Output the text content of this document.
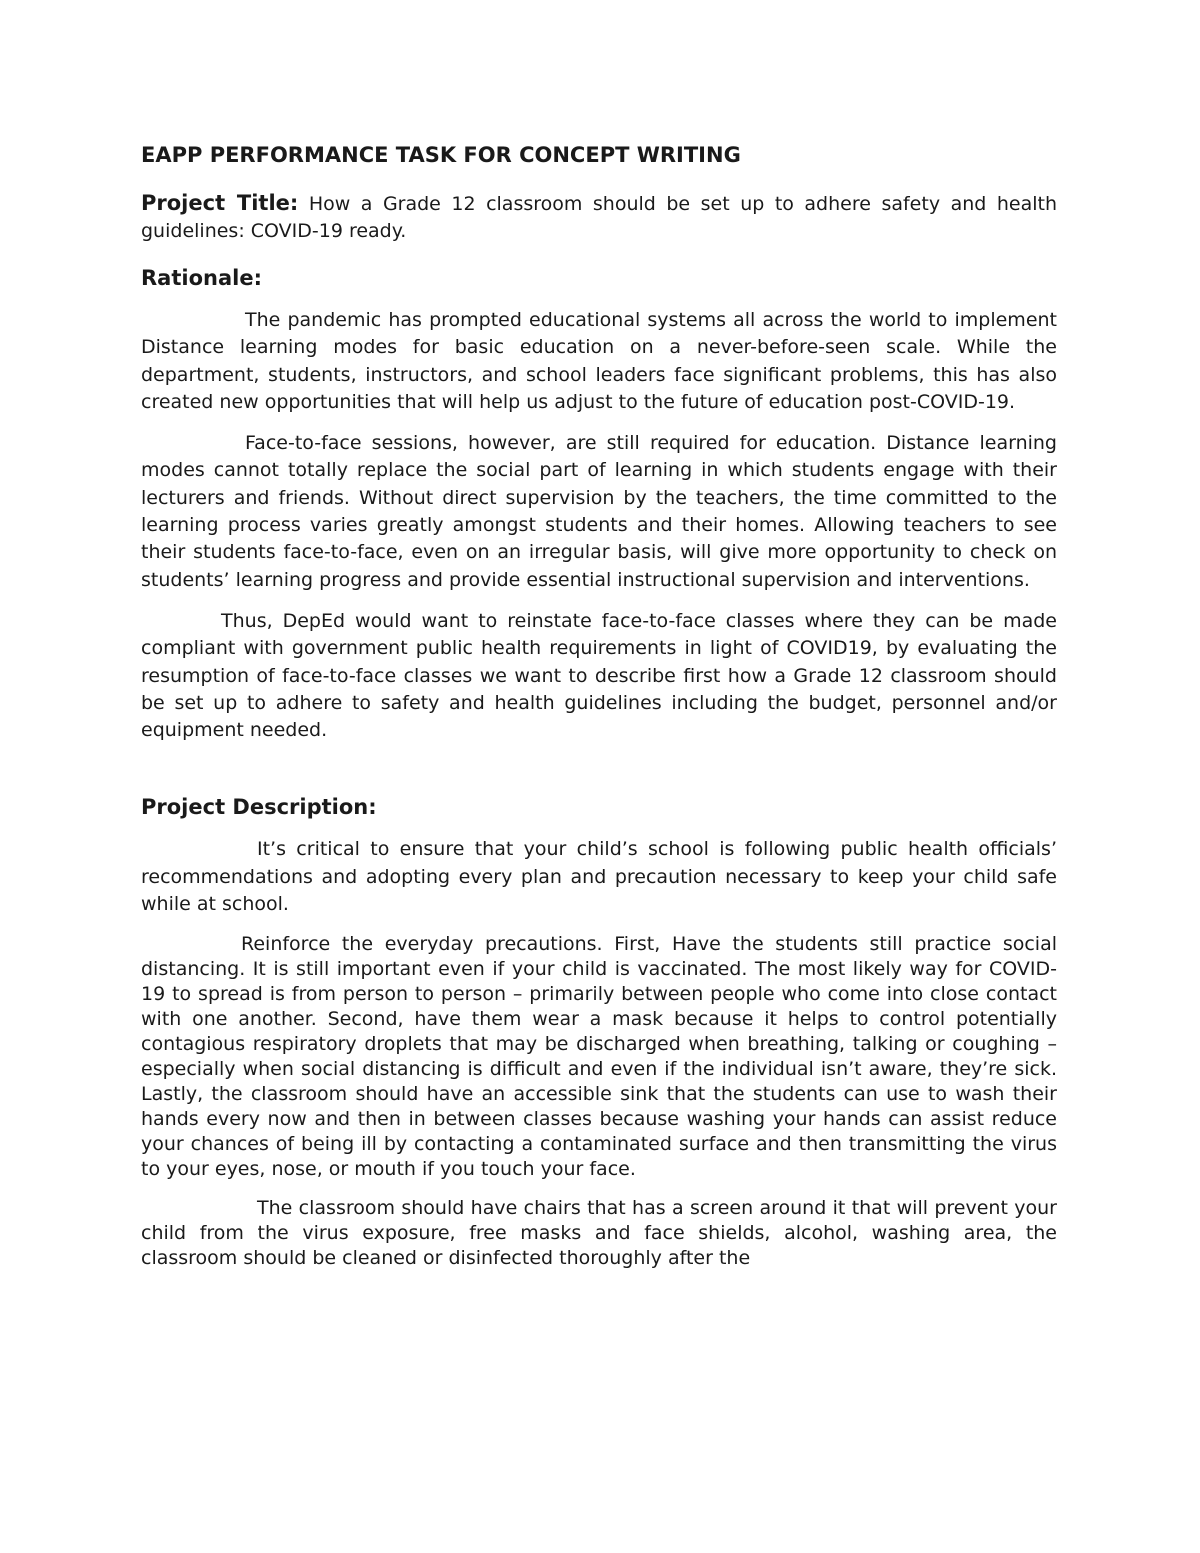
EAPP PERFORMANCE TASK FOR CONCEPT WRITING

Project Title: How a Grade 12 classroom should be set up to adhere safety and health guidelines: COVID-19 ready.

Rationale:

The pandemic has prompted educational systems all across the world to implement Distance learning modes for basic education on a never-before-seen scale. While the department, students, instructors, and school leaders face significant problems, this has also created new opportunities that will help us adjust to the future of education post-COVID-19.

Face-to-face sessions, however, are still required for education. Distance learning modes cannot totally replace the social part of learning in which students engage with their lecturers and friends. Without direct supervision by the teachers, the time committed to the learning process varies greatly amongst students and their homes. Allowing teachers to see their students face-to-face, even on an irregular basis, will give more opportunity to check on students’ learning progress and provide essential instructional supervision and interventions.

Thus, DepEd would want to reinstate face-to-face classes where they can be made compliant with government public health requirements in light of COVID19, by evaluating the resumption of face-to-face classes we want to describe first how a Grade 12 classroom should be set up to adhere to safety and health guidelines including the budget, personnel and/or equipment needed.

Project Description:

It’s critical to ensure that your child’s school is following public health officials’ recommendations and adopting every plan and precaution necessary to keep your child safe while at school.

Reinforce the everyday precautions. First, Have the students still practice social distancing. It is still important even if your child is vaccinated. The most likely way for COVID-19 to spread is from person to person – primarily between people who come into close contact with one another. Second, have them wear a mask because it helps to control potentially contagious respiratory droplets that may be discharged when breathing, talking or coughing – especially when social distancing is difficult and even if the individual isn’t aware, they’re sick. Lastly, the classroom should have an accessible sink that the students can use to wash their hands every now and then in between classes because washing your hands can assist reduce your chances of being ill by contacting a contaminated surface and then transmitting the virus to your eyes, nose, or mouth if you touch your face.

The classroom should have chairs that has a screen around it that will prevent your child from the virus exposure, free masks and face shields, alcohol, washing area, the classroom should be cleaned or disinfected thoroughly after the
